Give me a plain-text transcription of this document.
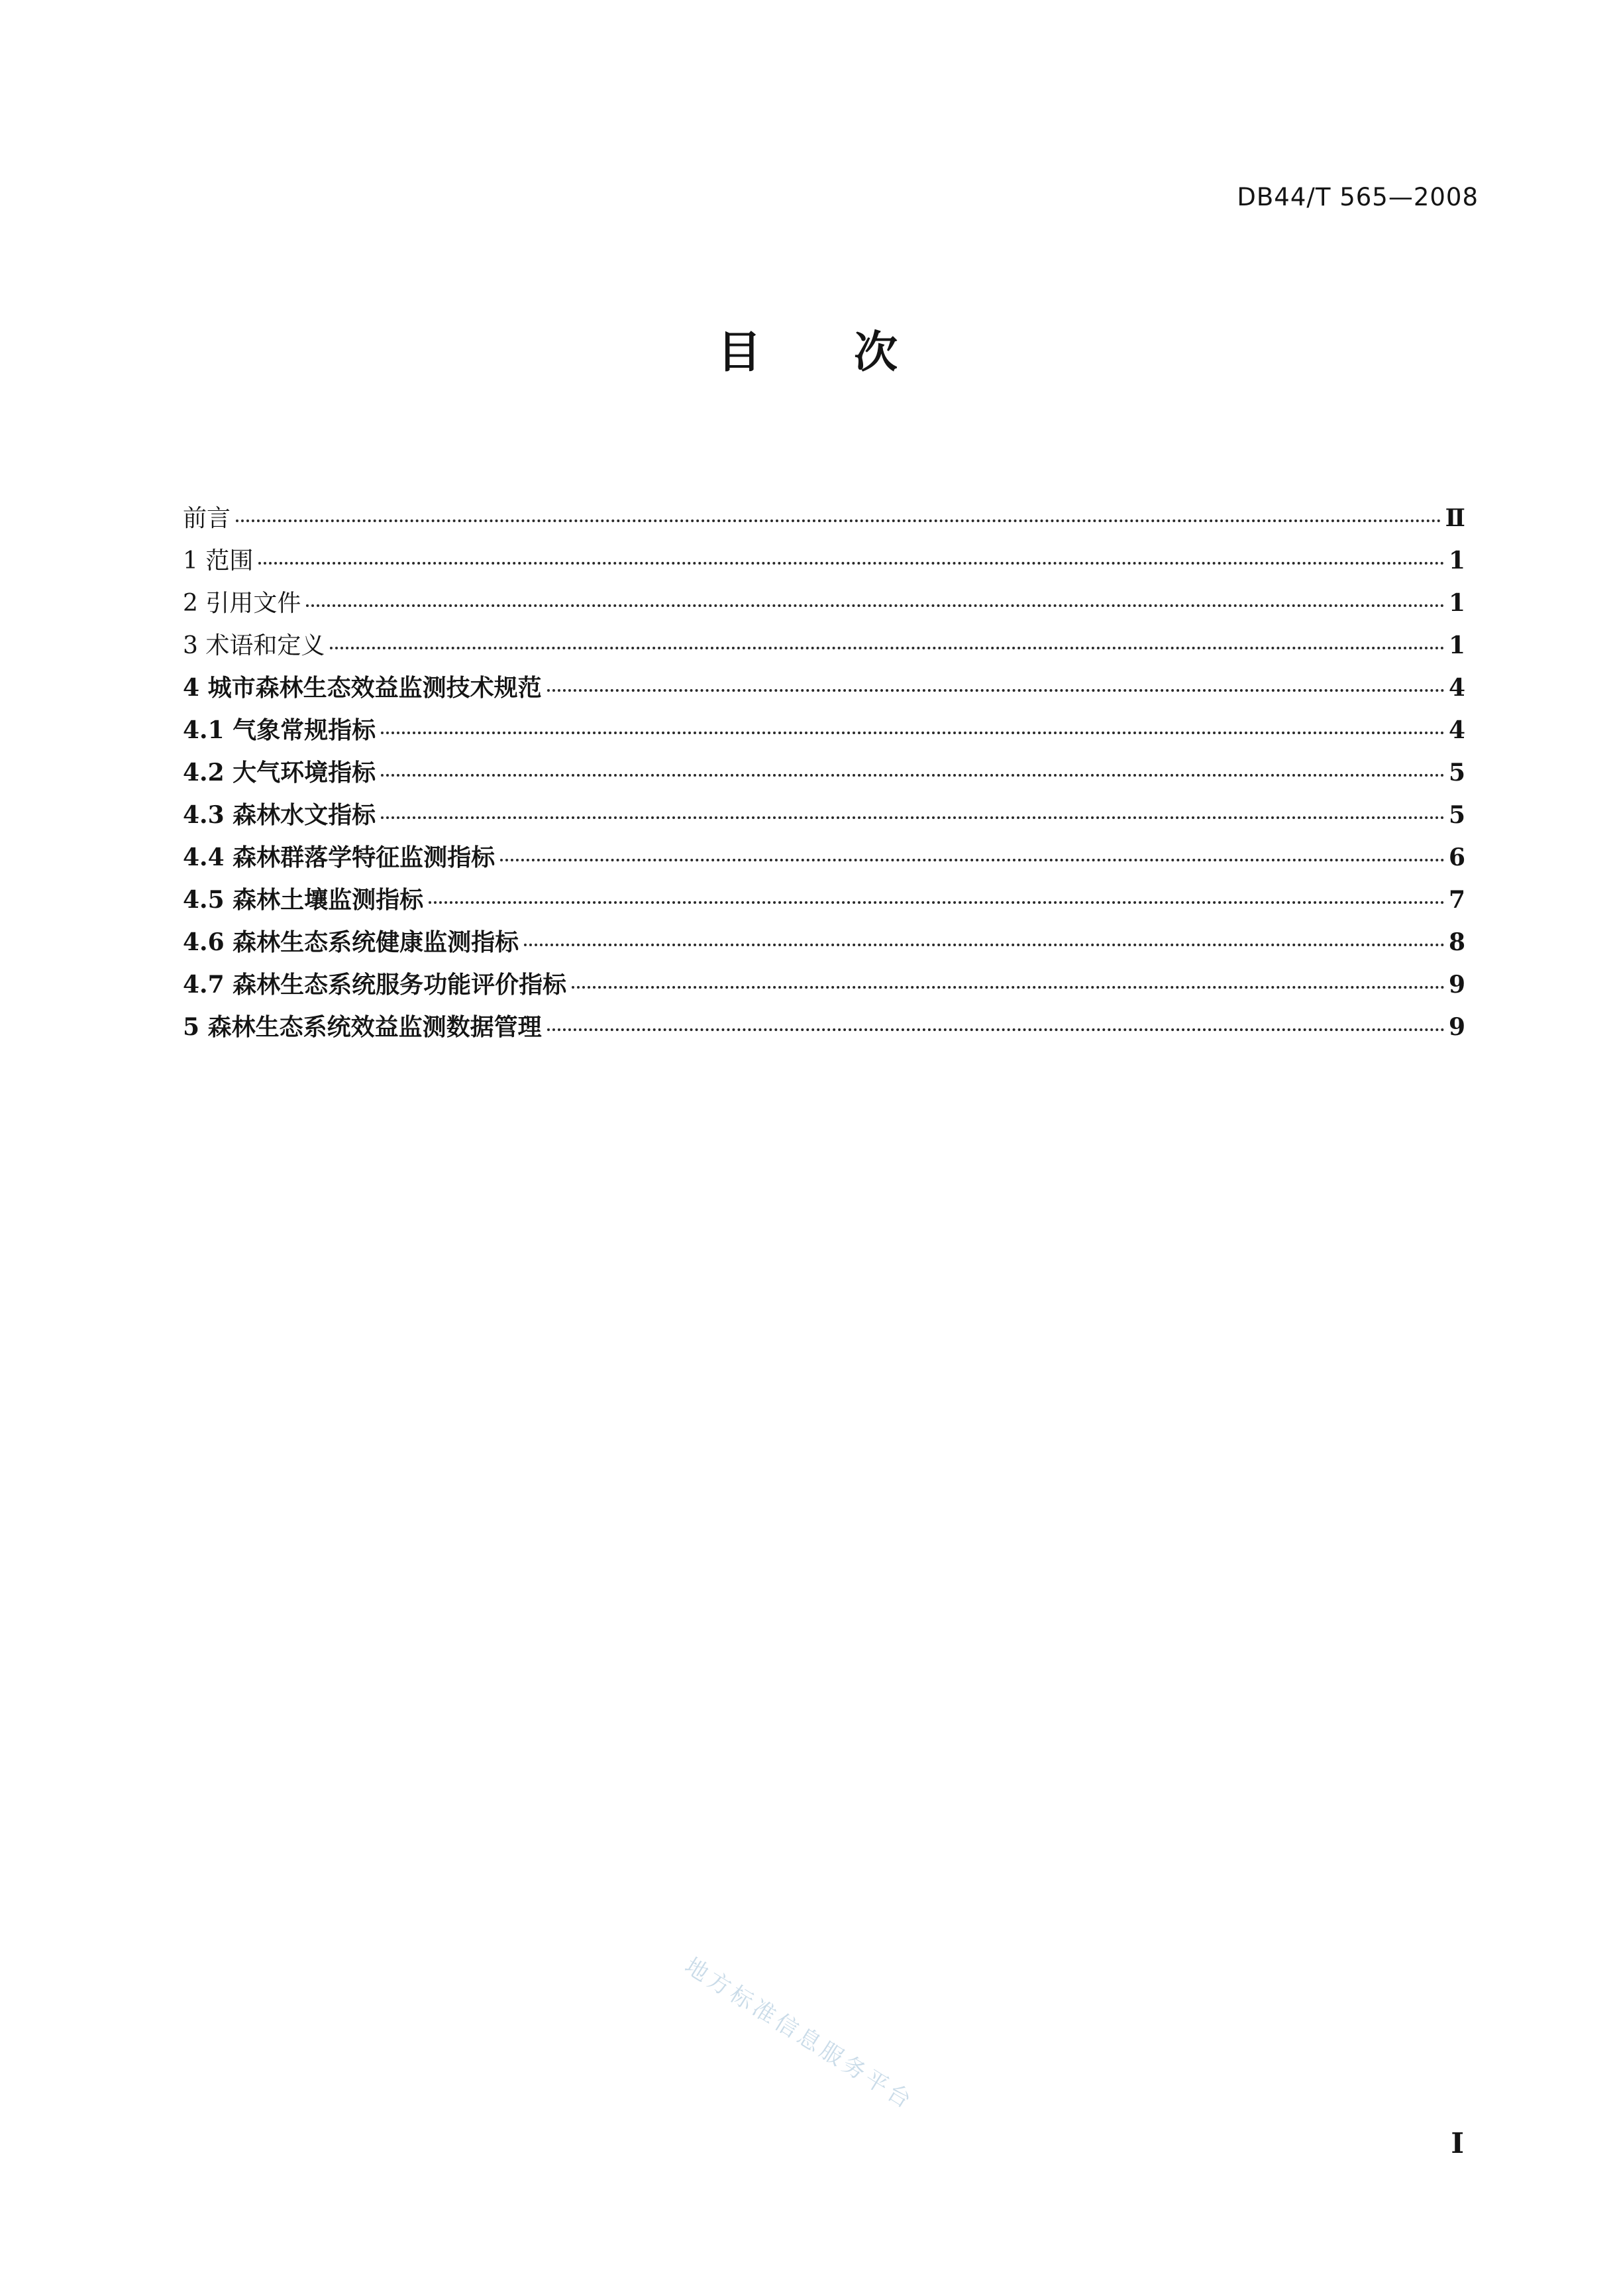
DB44/T 565—2008
目次
前言	Ⅱ
1 范围	1
2 引用文件	1
3 术语和定义	1
4 城市森林生态效益监测技术规范	4
4.1 气象常规指标	4
4.2 大气环境指标	5
4.3 森林水文指标	5
4.4 森林群落学特征监测指标	6
4.5 森林土壤监测指标	7
4.6 森林生态系统健康监测指标	8
4.7 森林生态系统服务功能评价指标	9
5 森林生态系统效益监测数据管理	9
地方标准信息服务平台
I
